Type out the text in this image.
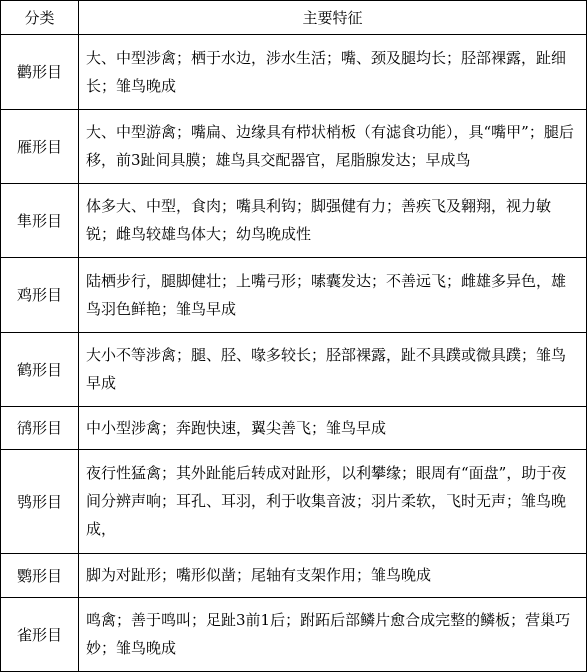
分类	主要特征
鹳形目	大、中型涉禽；栖于水边，涉水生活；嘴、颈及腿均长；胫部裸露，趾细长；雏鸟晚成
雁形目	大、中型游禽；嘴扁、边缘具有栉状梢板（有滤食功能），具“嘴甲”；腿后移，前3趾间具膜；雄鸟具交配器官，尾脂腺发达；早成鸟
隼形目	体多大、中型，食肉；嘴具利钩；脚强健有力；善疾飞及翱翔，视力敏锐；雌鸟较雄鸟体大；幼鸟晚成性
鸡形目	陆栖步行，腿脚健壮；上嘴弓形；嗉囊发达；不善远飞；雌雄多异色，雄鸟羽色鲜艳；雏鸟早成
鹤形目	大小不等涉禽；腿、胫、喙多较长；胫部裸露，趾不具蹼或微具蹼；雏鸟早成
鸻形目	中小型涉禽；奔跑快速，翼尖善飞；雏鸟早成
鸮形目	夜行性猛禽；其外趾能后转成对趾形，以利攀缘；眼周有“面盘”，助于夜间分辨声响；耳孔、耳羽，利于收集音波；羽片柔软，飞时无声；雏鸟晚成，
鹦形目	脚为对趾形；嘴形似凿；尾轴有支架作用；雏鸟晚成
雀形目	鸣禽；善于鸣叫；足趾3前1后；跗跖后部鳞片愈合成完整的鳞板；营巢巧妙；雏鸟晚成
